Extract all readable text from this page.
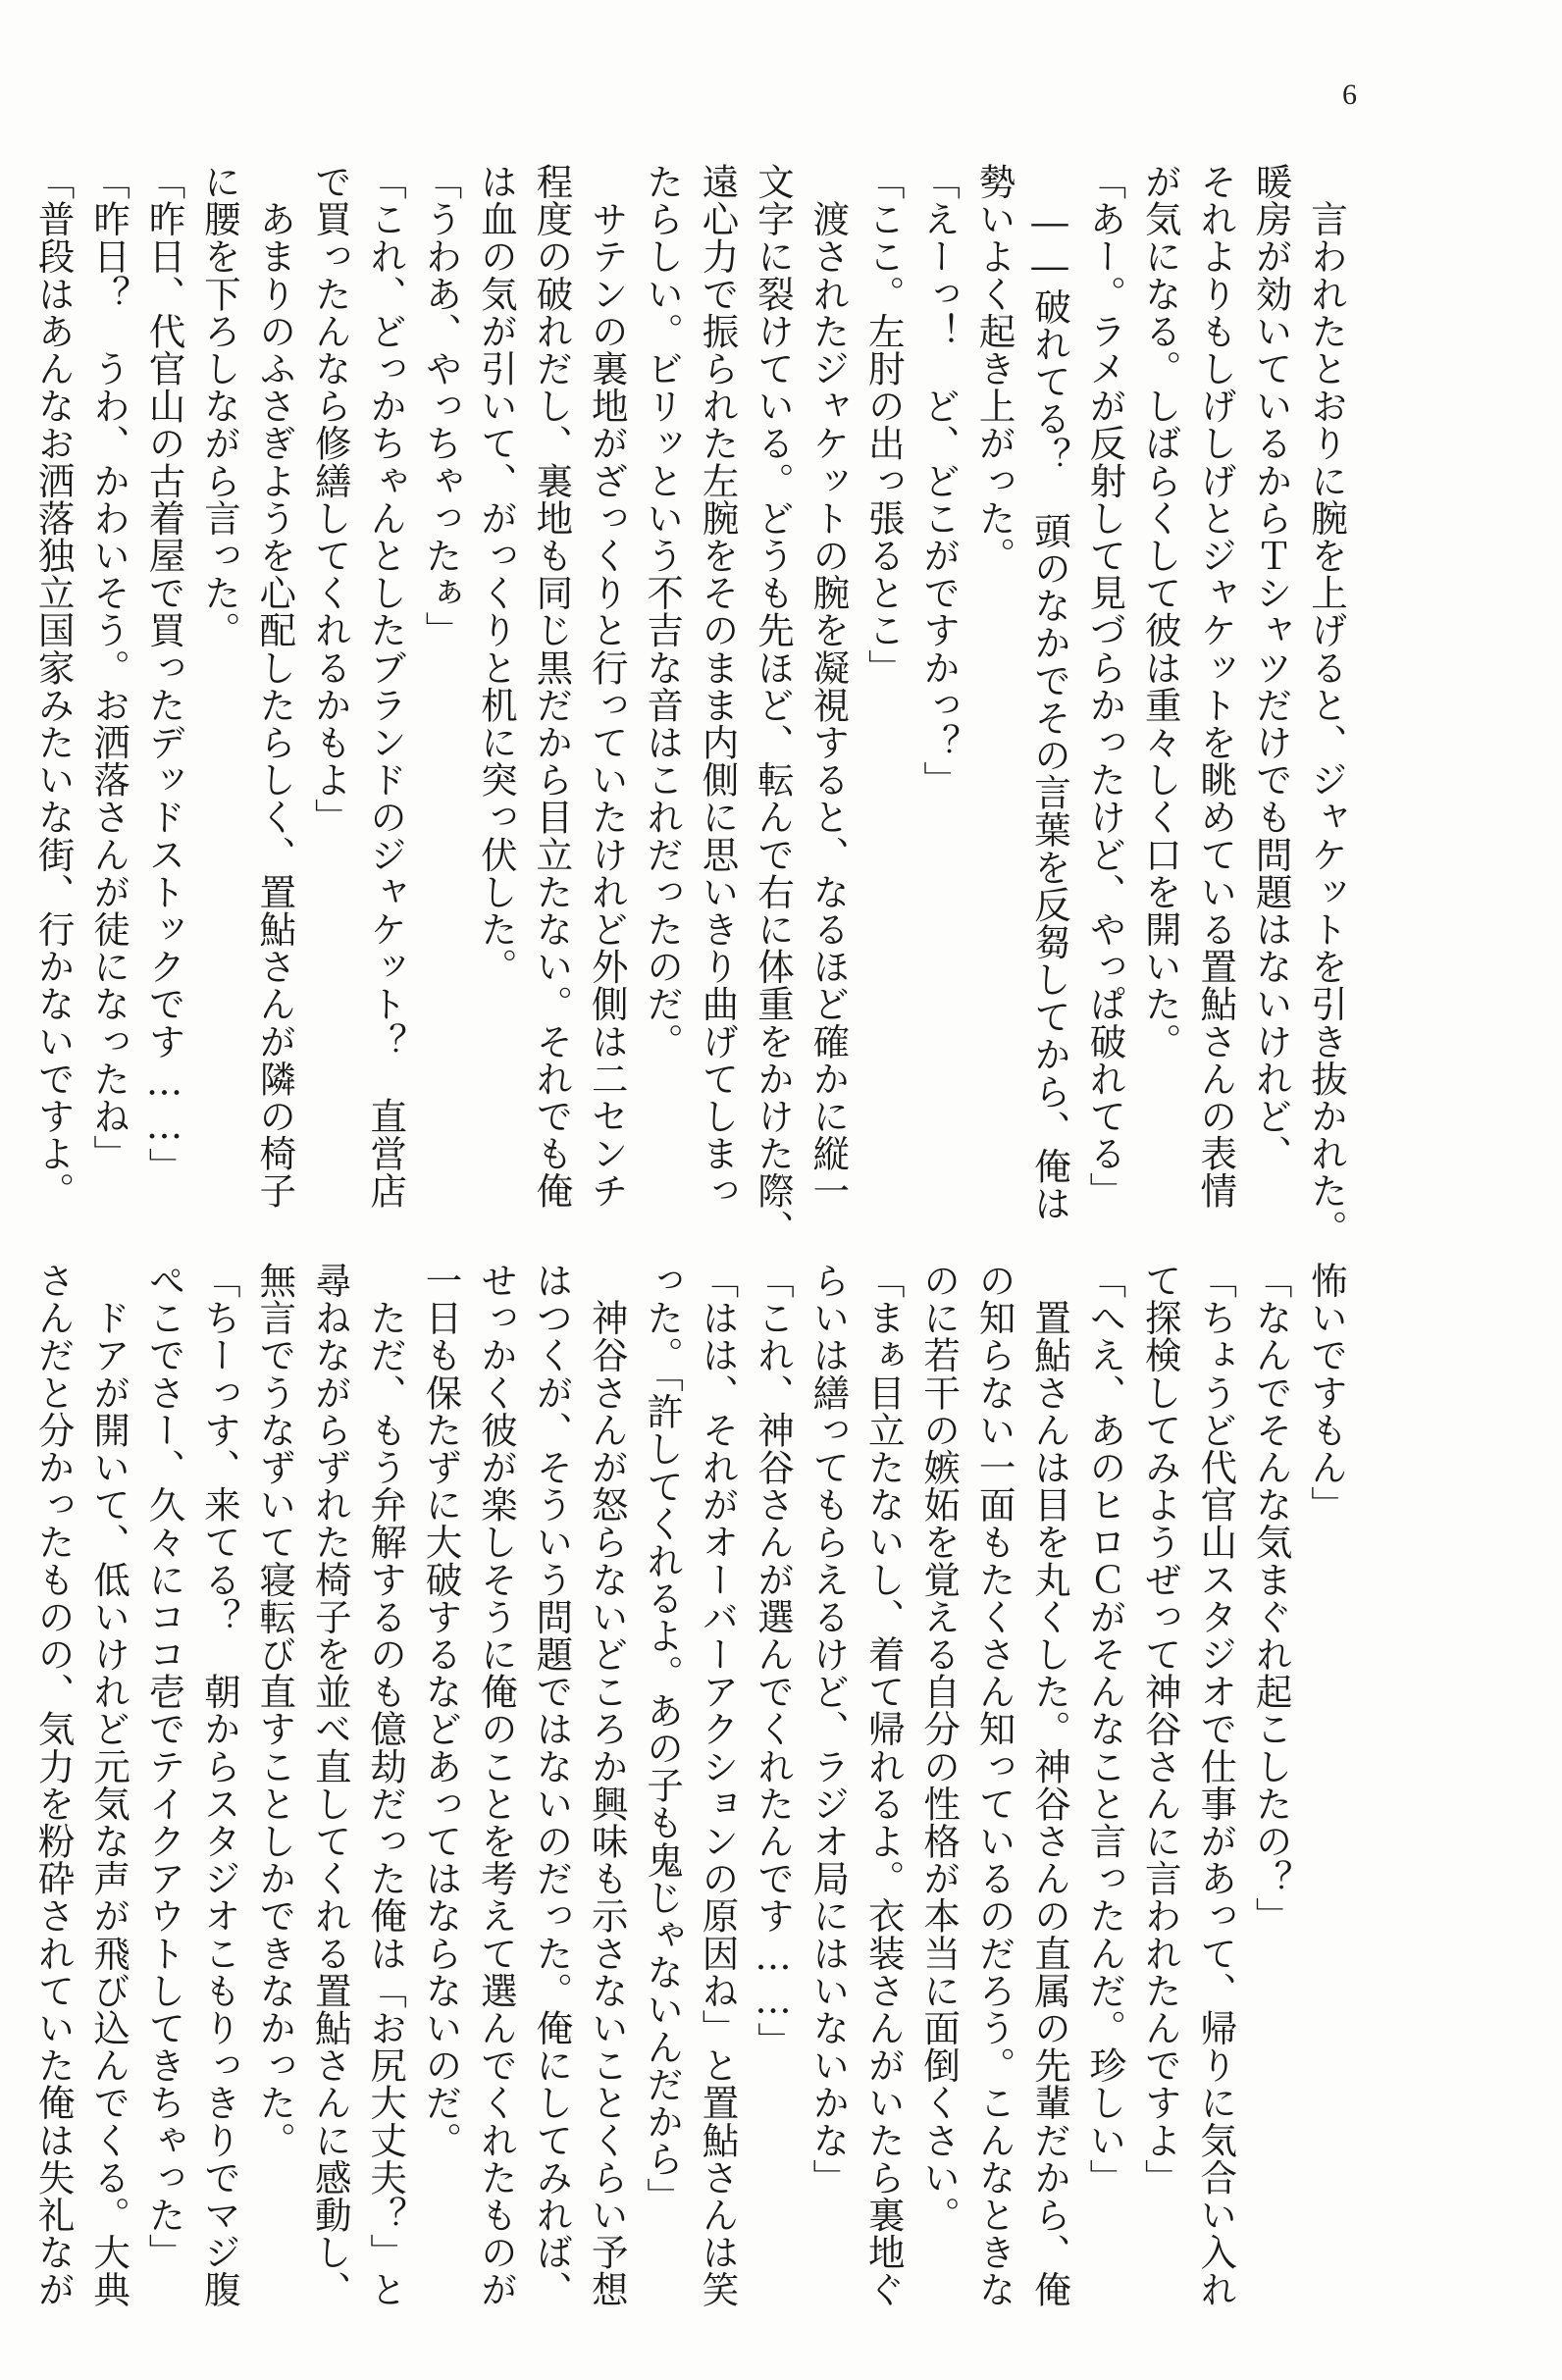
6
　言われたとおりに腕を上げると、ジャケットを引き抜かれた。
暖房が効いているからＴシャツだけでも問題はないけれど、
それよりもしげしげとジャケットを眺めている置鮎さんの表情
が気になる。しばらくして彼は重々しく口を開いた。
「あー。ラメが反射して見づらかったけど、やっぱ破れてる」
　――破れてる？　頭のなかでその言葉を反芻してから、俺は
勢いよく起き上がった。
「えーっ！　ど、どこがですかっ？」
「ここ。左肘の出っ張るとこ」
　渡されたジャケットの腕を凝視すると、なるほど確かに縦一
文字に裂けている。どうも先ほど、転んで右に体重をかけた際、
遠心力で振られた左腕をそのまま内側に思いきり曲げてしまっ
たらしい。ビリッという不吉な音はこれだったのだ。
　サテンの裏地がざっくりと行っていたけれど外側は二センチ
程度の破れだし、裏地も同じ黒だから目立たない。それでも俺
は血の気が引いて、がっくりと机に突っ伏した。
「うわあ、やっちゃったぁ」
「これ、どっかちゃんとしたブランドのジャケット？　直営店
で買ったんなら修繕してくれるかもよ」
　あまりのふさぎようを心配したらしく、置鮎さんが隣の椅子
に腰を下ろしながら言った。
「昨日、代官山の古着屋で買ったデッドストックです……」
「昨日？　うわ、かわいそう。お洒落さんが徒になったね」
「普段はあんなお洒落独立国家みたいな街、行かないですよ。
怖いですもん」
「なんでそんな気まぐれ起こしたの？」
「ちょうど代官山スタジオで仕事があって、帰りに気合い入れ
て探検してみようぜって神谷さんに言われたんですよ」
「へえ、あのヒロＣがそんなこと言ったんだ。珍しい」
　置鮎さんは目を丸くした。神谷さんの直属の先輩だから、俺
の知らない一面もたくさん知っているのだろう。こんなときな
のに若干の嫉妬を覚える自分の性格が本当に面倒くさい。
「まぁ目立たないし、着て帰れるよ。衣装さんがいたら裏地ぐ
らいは繕ってもらえるけど、ラジオ局にはいないかな」
「これ、神谷さんが選んでくれたんです……」
「はは、それがオーバーアクションの原因ね」と置鮎さんは笑
った。「許してくれるよ。あの子も鬼じゃないんだから」
　神谷さんが怒らないどころか興味も示さないことくらい予想
はつくが、そういう問題ではないのだった。俺にしてみれば、
せっかく彼が楽しそうに俺のことを考えて選んでくれたものが
一日も保たずに大破するなどあってはならないのだ。
　ただ、もう弁解するのも億劫だった俺は「お尻大丈夫？」と
尋ねながらずれた椅子を並べ直してくれる置鮎さんに感動し、
無言でうなずいて寝転び直すことしかできなかった。
「ちーっす、来てる？　朝からスタジオこもりっきりでマジ腹
ぺこでさー、久々にココ壱でテイクアウトしてきちゃった」
　ドアが開いて、低いけれど元気な声が飛び込んでくる。大典
さんだと分かったものの、気力を粉砕されていた俺は失礼なが
